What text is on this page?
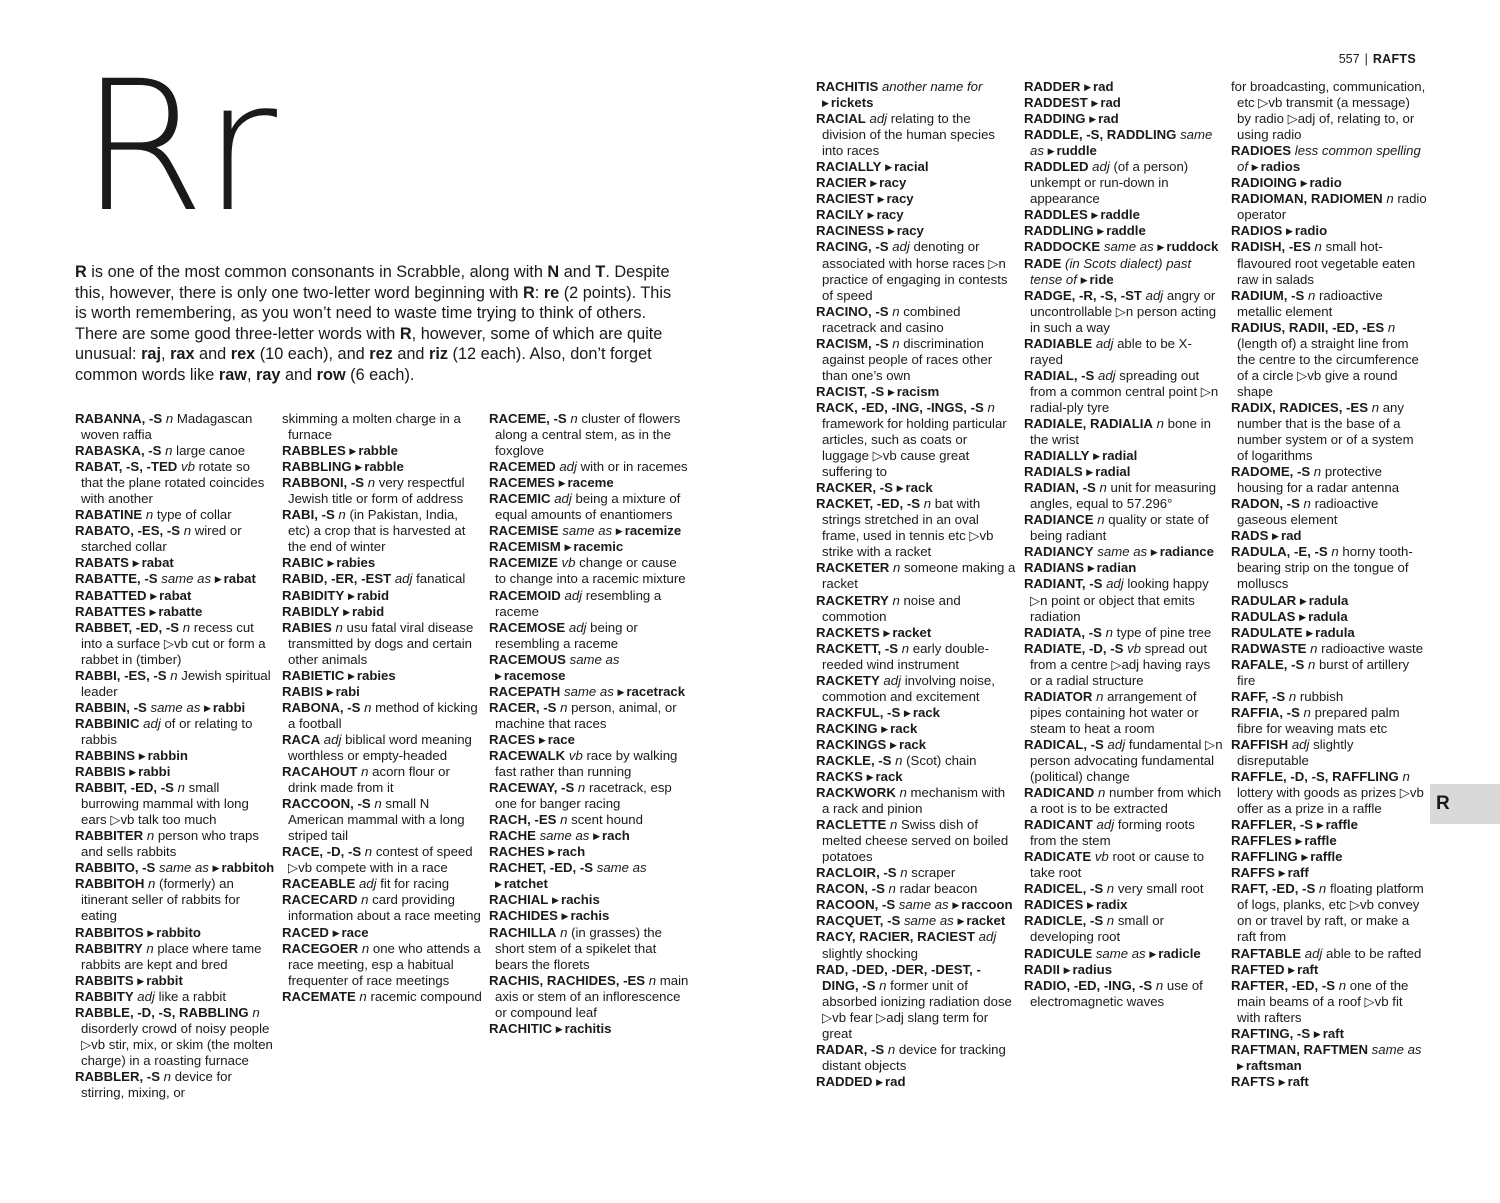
557 | RAFTS
Rr
R is one of the most common consonants in Scrabble, along with N and T. Despite this, however, there is only one two-letter word beginning with R: re (2 points). This is worth remembering, as you won’t need to waste time trying to think of others. There are some good three-letter words with R, however, some of which are quite unusual: raj, rax and rex (10 each), and rez and riz (12 each). Also, don’t forget common words like raw, ray and row (6 each).
RABANNA, -S n Madagascan woven raffia
RABASKA, -S n large canoe
RABAT, -S, -TED vb rotate so that the plane rotated coincides with another
RABATINE n type of collar
RABATO, -ES, -S n wired or starched collar
RABATS ▶ rabat
RABATTE, -S same as ▶ rabat
RABATTED ▶ rabat
RABATTES ▶ rabatte
RABBET, -ED, -S n recess cut into a surface ▷vb cut or form a rabbet in (timber)
RABBI, -ES, -S n Jewish spiritual leader
RABBIN, -S same as ▶ rabbi
RABBINIC adj of or relating to rabbis
RABBINS ▶ rabbin
RABBIS ▶ rabbi
RABBIT, -ED, -S n small burrowing mammal with long ears ▷vb talk too much
RABBITER n person who traps and sells rabbits
RABBITO, -S same as ▶ rabbitoh
RABBITOH n (formerly) an itinerant seller of rabbits for eating
RABBITOS ▶ rabbito
RABBITRY n place where tame rabbits are kept and bred
RABBITS ▶ rabbit
RABBITY adj like a rabbit
RABBLE, -D, -S, RABBLING n disorderly crowd of noisy people ▷vb stir, mix, or skim (the molten charge) in a roasting furnace
RABBLER, -S n device for stirring, mixing, or
skimming a molten charge in a furnace
RABBLES ▶ rabble
RABBLING ▶ rabble
RABBONI, -S n very respectful Jewish title or form of address
RABI, -S n (in Pakistan, India, etc) a crop that is harvested at the end of winter
RABIC ▶ rabies
RABID, -ER, -EST adj fanatical
RABIDITY ▶ rabid
RABIDLY ▶ rabid
RABIES n usu fatal viral disease transmitted by dogs and certain other animals
RABIETIC ▶ rabies
RABIS ▶ rabi
RABONA, -S n method of kicking a football
RACA adj biblical word meaning worthless or empty-headed
RACAHOUT n acorn flour or drink made from it
RACCOON, -S n small N American mammal with a long striped tail
RACE, -D, -S n contest of speed ▷vb compete with in a race
RACEABLE adj fit for racing
RACECARD n card providing information about a race meeting
RACED ▶ race
RACEGOER n one who attends a race meeting, esp a habitual frequenter of race meetings
RACEMATE n racemic compound
RACEME, -S n cluster of flowers along a central stem, as in the foxglove
RACEMED adj with or in racemes
RACEMES ▶ raceme
RACEMIC adj being a mixture of equal amounts of enantiomers
RACEMISE same as ▶ racemize
RACEMISM ▶ racemic
RACEMIZE vb change or cause to change into a racemic mixture
RACEMOID adj resembling a raceme
RACEMOSE adj being or resembling a raceme
RACEMOUS same as ▶ racemose
RACEPATH same as ▶ racetrack
RACER, -S n person, animal, or machine that races
RACES ▶ race
RACEWALK vb race by walking fast rather than running
RACEWAY, -S n racetrack, esp one for banger racing
RACH, -ES n scent hound
RACHE same as ▶ rach
RACHES ▶ rach
RACHET, -ED, -S same as ▶ ratchet
RACHIAL ▶ rachis
RACHIDES ▶ rachis
RACHILLA n (in grasses) the short stem of a spikelet that bears the florets
RACHIS, RACHIDES, -ES n main axis or stem of an inflorescence or compound leaf
RACHITIC ▶ rachitis
RACHITIS another name for ▶ rickets
RACIAL adj relating to the division of the human species into races
RACIALLY ▶ racial
RACIER ▶ racy
RACIEST ▶ racy
RACILY ▶ racy
RACINESS ▶ racy
RACING, -S adj denoting or associated with horse races ▷n practice of engaging in contests of speed
RACINO, -S n combined racetrack and casino
RACISM, -S n discrimination against people of races other than one’s own
RACIST, -S ▶ racism
RACK, -ED, -ING, -INGS, -S n framework for holding particular articles, such as coats or luggage ▷vb cause great suffering to
RACKER, -S ▶ rack
RACKET, -ED, -S n bat with strings stretched in an oval frame, used in tennis etc ▷vb strike with a racket
RACKETER n someone making a racket
RACKETRY n noise and commotion
RACKETS ▶ racket
RACKETT, -S n early double-reeded wind instrument
RACKETY adj involving noise, commotion and excitement
RACKFUL, -S ▶ rack
RACKING ▶ rack
RACKINGS ▶ rack
RACKLE, -S n (Scot) chain
RACKS ▶ rack
RACKWORK n mechanism with a rack and pinion
RACLETTE n Swiss dish of melted cheese served on boiled potatoes
RACLOIR, -S n scraper
RACON, -S n radar beacon
RACOON, -S same as ▶ raccoon
RACQUET, -S same as ▶ racket
RACY, RACIER, RACIEST adj slightly shocking
RAD, -DED, -DER, -DEST, -DING, -S n former unit of absorbed ionizing radiation dose ▷vb fear ▷adj slang term for great
RADAR, -S n device for tracking distant objects
RADDED ▶ rad
RADDER ▶ rad
RADDEST ▶ rad
RADDING ▶ rad
RADDLE, -S, RADDLING same as ▶ ruddle
RADDLED adj (of a person) unkempt or run-down in appearance
RADDLES ▶ raddle
RADDLING ▶ raddle
RADDOCKE same as ▶ ruddock
RADE (in Scots dialect) past tense of ▶ ride
RADGE, -R, -S, -ST adj angry or uncontrollable ▷n person acting in such a way
RADIABLE adj able to be X-rayed
RADIAL, -S adj spreading out from a common central point ▷n radial-ply tyre
RADIALE, RADIALIA n bone in the wrist
RADIALLY ▶ radial
RADIALS ▶ radial
RADIAN, -S n unit for measuring angles, equal to 57.296°
RADIANCE n quality or state of being radiant
RADIANCY same as ▶ radiance
RADIANS ▶ radian
RADIANT, -S adj looking happy ▷n point or object that emits radiation
RADIATA, -S n type of pine tree
RADIATE, -D, -S vb spread out from a centre ▷adj having rays or a radial structure
RADIATOR n arrangement of pipes containing hot water or steam to heat a room
RADICAL, -S adj fundamental ▷n person advocating fundamental (political) change
RADICAND n number from which a root is to be extracted
RADICANT adj forming roots from the stem
RADICATE vb root or cause to take root
RADICEL, -S n very small root
RADICES ▶ radix
RADICLE, -S n small or developing root
RADICULE same as ▶ radicle
RADII ▶ radius
RADIO, -ED, -ING, -S n use of electromagnetic waves
for broadcasting, communication, etc ▷vb transmit (a message) by radio ▷adj of, relating to, or using radio
RADIOES less common spelling of ▶ radios
RADIOING ▶ radio
RADIOMAN, RADIOMEN n radio operator
RADIOS ▶ radio
RADISH, -ES n small hot-flavoured root vegetable eaten raw in salads
RADIUM, -S n radioactive metallic element
RADIUS, RADII, -ED, -ES n (length of) a straight line from the centre to the circumference of a circle ▷vb give a round shape
RADIX, RADICES, -ES n any number that is the base of a number system or of a system of logarithms
RADOME, -S n protective housing for a radar antenna
RADON, -S n radioactive gaseous element
RADS ▶ rad
RADULA, -E, -S n horny tooth-bearing strip on the tongue of molluscs
RADULAR ▶ radula
RADULAS ▶ radula
RADULATE ▶ radula
RADWASTE n radioactive waste
RAFALE, -S n burst of artillery fire
RAFF, -S n rubbish
RAFFIA, -S n prepared palm fibre for weaving mats etc
RAFFISH adj slightly disreputable
RAFFLE, -D, -S, RAFFLING n lottery with goods as prizes ▷vb offer as a prize in a raffle
RAFFLER, -S ▶ raffle
RAFFLES ▶ raffle
RAFFLING ▶ raffle
RAFFS ▶ raff
RAFT, -ED, -S n floating platform of logs, planks, etc ▷vb convey on or travel by raft, or make a raft from
RAFTABLE adj able to be rafted
RAFTED ▶ raft
RAFTER, -ED, -S n one of the main beams of a roof ▷vb fit with rafters
RAFTING, -S ▶ raft
RAFTMAN, RAFTMEN same as ▶ raftsman
RAFTS ▶ raft
R
